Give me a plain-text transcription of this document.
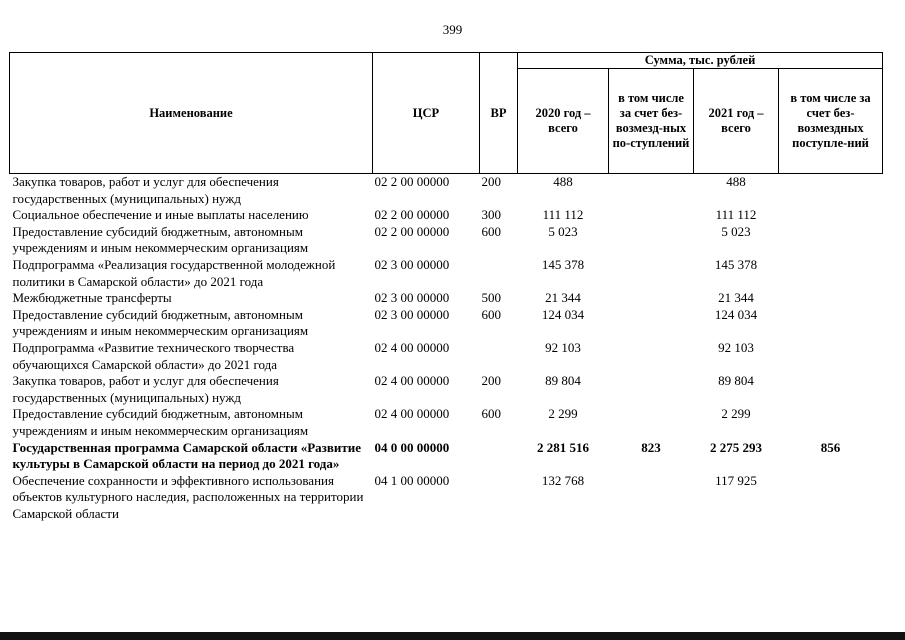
399
Наименование	ЦСР	ВР	Сумма, тыс. рублей			
			2020 год – всего	в том числе за счет без-возмезд-ных по-ступлений	2021 год – всего	в том числе за счет без-возмездных поступле-ний
Закупка товаров, работ и услуг для обеспечения государственных (муниципальных) нужд	02 2 00 00000	200	488		488	
Социальное обеспечение и иные выплаты населению	02 2 00 00000	300	111 112		111 112	
Предоставление субсидий бюджетным, автономным учреждениям и иным некоммерческим организациям	02 2 00 00000	600	5 023		5 023	
Подпрограмма «Реализация государственной молодежной политики в Самарской области» до 2021 года	02 3 00 00000		145 378		145 378	
Межбюджетные трансферты	02 3 00 00000	500	21 344		21 344	
Предоставление субсидий бюджетным, автономным учреждениям и иным некоммерческим организациям	02 3 00 00000	600	124 034		124 034	
Подпрограмма «Развитие технического творчества обучающихся Самарской области» до 2021 года	02 4 00 00000		92 103		92 103	
Закупка товаров, работ и услуг для обеспечения государственных (муниципальных) нужд	02 4 00 00000	200	89 804		89 804	
Предоставление субсидий бюджетным, автономным учреждениям и иным некоммерческим организациям	02 4 00 00000	600	2 299		2 299	
Государственная программа Самарской области «Развитие культуры в Самарской области на период до 2021 года»	04 0 00 00000		2 281 516	823	2 275 293	856
Обеспечение сохранности и эффективного использования объектов культурного наследия, расположенных на территории Самарской области	04 1 00 00000		132 768		117 925	
